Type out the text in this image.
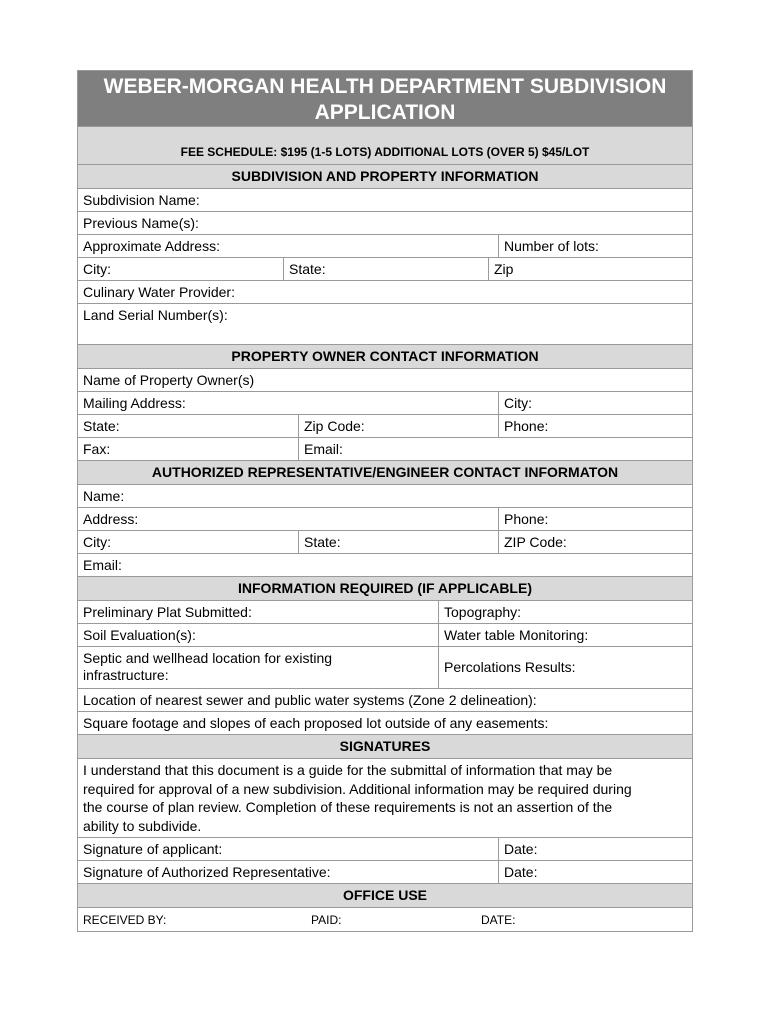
WEBER-MORGAN HEALTH DEPARTMENT SUBDIVISION
APPLICATION
FEE SCHEDULE: $195 (1-5 LOTS) ADDITIONAL LOTS (OVER 5) $45/LOT
SUBDIVISION AND PROPERTY INFORMATION
Subdivision Name:
Previous Name(s):
Approximate Address:	Number of lots:
City:	State:	Zip
Culinary Water Provider:
Land Serial Number(s):
PROPERTY OWNER CONTACT INFORMATION
Name of Property Owner(s)
Mailing Address:	City:
State:	Zip Code:	Phone:
Fax:	Email:
AUTHORIZED REPRESENTATIVE/ENGINEER CONTACT INFORMATON
Name:
Address:	Phone:
City:	State:	ZIP Code:
Email:
INFORMATION REQUIRED (IF APPLICABLE)
Preliminary Plat Submitted:	Topography:
Soil Evaluation(s):	Water table Monitoring:
Septic and wellhead location for existing
infrastructure:	Percolations Results:
Location of nearest sewer and public water systems (Zone 2 delineation):
Square footage and slopes of each proposed lot outside of any easements:
SIGNATURES
I understand that this document is a guide for the submittal of information that may be
required for approval of a new subdivision. Additional information may be required during
the course of plan review. Completion of these requirements is not an assertion of the
ability to subdivide.
Signature of applicant:	Date:
Signature of Authorized Representative:	Date:
OFFICE USE
RECEIVED BY:	PAID:	DATE:
